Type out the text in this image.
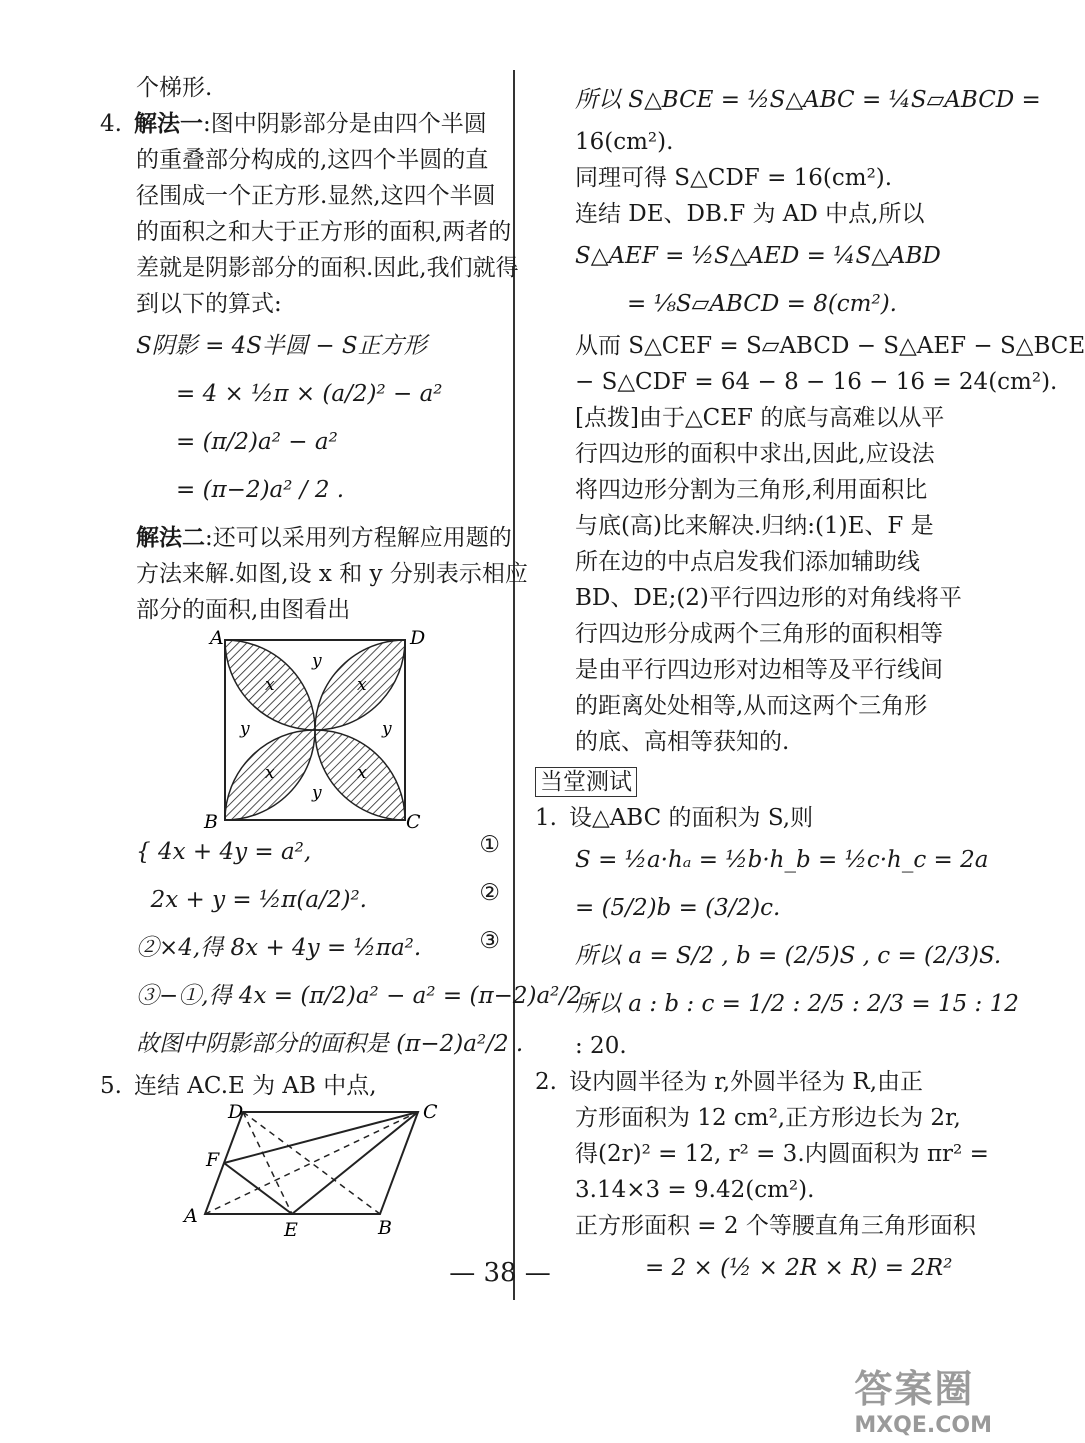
个梯形.
4. 解法一:图中阴影部分是由四个半圆
的重叠部分构成的,这四个半圆的直
径围成一个正方形.显然,这四个半圆
的面积之和大于正方形的面积,两者的
差就是阴影部分的面积.因此,我们就得
到以下的算式:
S阴影 = 4S半圆 − S正方形
= 4 × ½π × (a/2)² − a²
= (π/2)a² − a²
= (π−2)a² / 2 .
解法二:还可以采用列方程解应用题的
方法来解.如图,设 x 和 y 分别表示相应
部分的面积,由图看出
A	D
B	C
x	x
x	x
y
y
y	y
{ 4x + 4y = a²,	①
2x + y = ½π(a/2)².	②
②×4,得 8x + 4y = ½πa².	③
③−①,得 4x = (π/2)a² − a² = (π−2)a²/2 .
故图中阴影部分的面积是 (π−2)a²/2 .
5. 连结 AC.E 为 AB 中点,
A
B
C
D
E
F
所以 S△BCE = ½S△ABC = ¼S▱ABCD =
16(cm²).
同理可得 S△CDF = 16(cm²).
连结 DE、DB.F 为 AD 中点,所以
S△AEF = ½S△AED = ¼S△ABD
= ⅛S▱ABCD = 8(cm²).
从而 S△CEF = S▱ABCD − S△AEF − S△BCE
− S△CDF = 64 − 8 − 16 − 16 = 24(cm²).
[点拨]由于△CEF 的底与高难以从平
行四边形的面积中求出,因此,应设法
将四边形分割为三角形,利用面积比
与底(高)比来解决.归纳:(1)E、F 是
所在边的中点启发我们添加辅助线
BD、DE;(2)平行四边形的对角线将平
行四边形分成两个三角形的面积相等
是由平行四边形对边相等及平行线间
的距离处处相等,从而这两个三角形
的底、高相等获知的.
当堂测试
1. 设△ABC 的面积为 S,则
S = ½a·hₐ = ½b·h_b = ½c·h_c = 2a
= (5/2)b = (3/2)c.
所以 a = S/2 , b = (2/5)S , c = (2/3)S.
所以 a : b : c = 1/2 : 2/5 : 2/3 = 15 : 12
: 20.
2. 设内圆半径为 r,外圆半径为 R,由正
方形面积为 12 cm²,正方形边长为 2r,
得(2r)² = 12, r² = 3.内圆面积为 πr² =
3.14×3 = 9.42(cm²).
正方形面积 = 2 个等腰直角三角形面积
= 2 × (½ × 2R × R) = 2R²
— 38 —
答案圈
MXQE.COM
